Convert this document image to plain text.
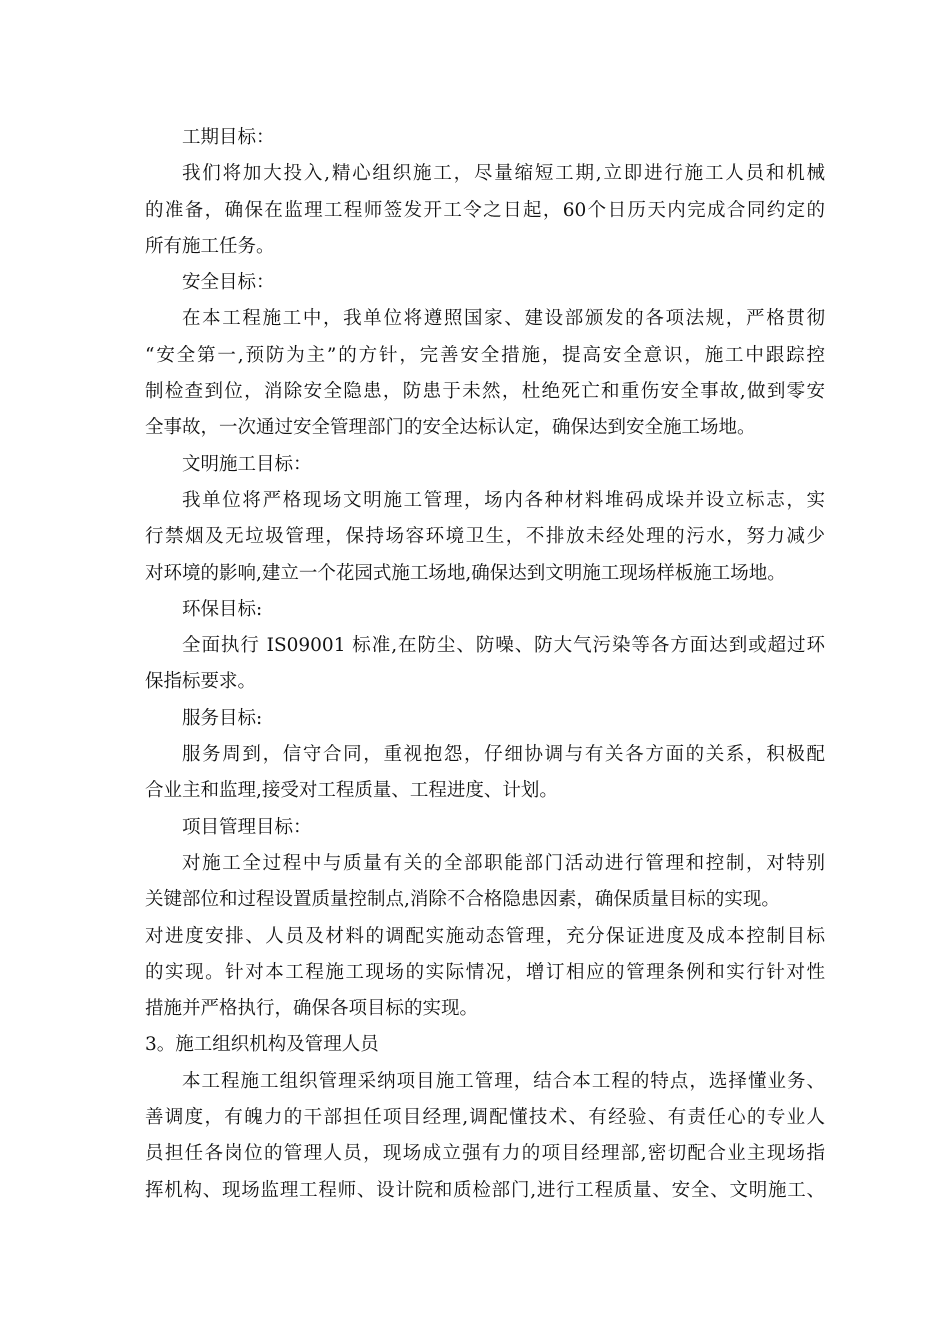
工期目标：
我们将加大投入,精心组织施工，尽量缩短工期,立即进行施工人员和机械
的准备，确保在监理工程师签发开工令之日起，60个日历天内完成合同约定的
所有施工任务。
安全目标：
在本工程施工中，我单位将遵照国家、建设部颁发的各项法规，严格贯彻
“安全第一,预防为主”的方针，完善安全措施，提高安全意识，施工中跟踪控
制检查到位，消除安全隐患，防患于未然，杜绝死亡和重伤安全事故,做到零安
全事故，一次通过安全管理部门的安全达标认定，确保达到安全施工场地。
文明施工目标：
我单位将严格现场文明施工管理，场内各种材料堆码成垛并设立标志，实
行禁烟及无垃圾管理，保持场容环境卫生，不排放未经处理的污水，努力减少
对环境的影响,建立一个花园式施工场地,确保达到文明施工现场样板施工场地。
环保目标:
全面执行 IS09001 标准,在防尘、防噪、防大气污染等各方面达到或超过环
保指标要求。
服务目标:
服务周到，信守合同，重视抱怨，仔细协调与有关各方面的关系，积极配
合业主和监理,接受对工程质量、工程进度、计划。
项目管理目标：
对施工全过程中与质量有关的全部职能部门活动进行管理和控制，对特别
关键部位和过程设置质量控制点,消除不合格隐患因素，确保质量目标的实现。
对进度安排、人员及材料的调配实施动态管理，充分保证进度及成本控制目标
的实现。针对本工程施工现场的实际情况，增订相应的管理条例和实行针对性
措施并严格执行，确保各项目标的实现。
3。施工组织机构及管理人员
本工程施工组织管理采纳项目施工管理，结合本工程的特点，选择懂业务、
善调度，有魄力的干部担任项目经理,调配懂技术、有经验、有责任心的专业人
员担任各岗位的管理人员，现场成立强有力的项目经理部,密切配合业主现场指
挥机构、现场监理工程师、设计院和质检部门,进行工程质量、安全、文明施工、
